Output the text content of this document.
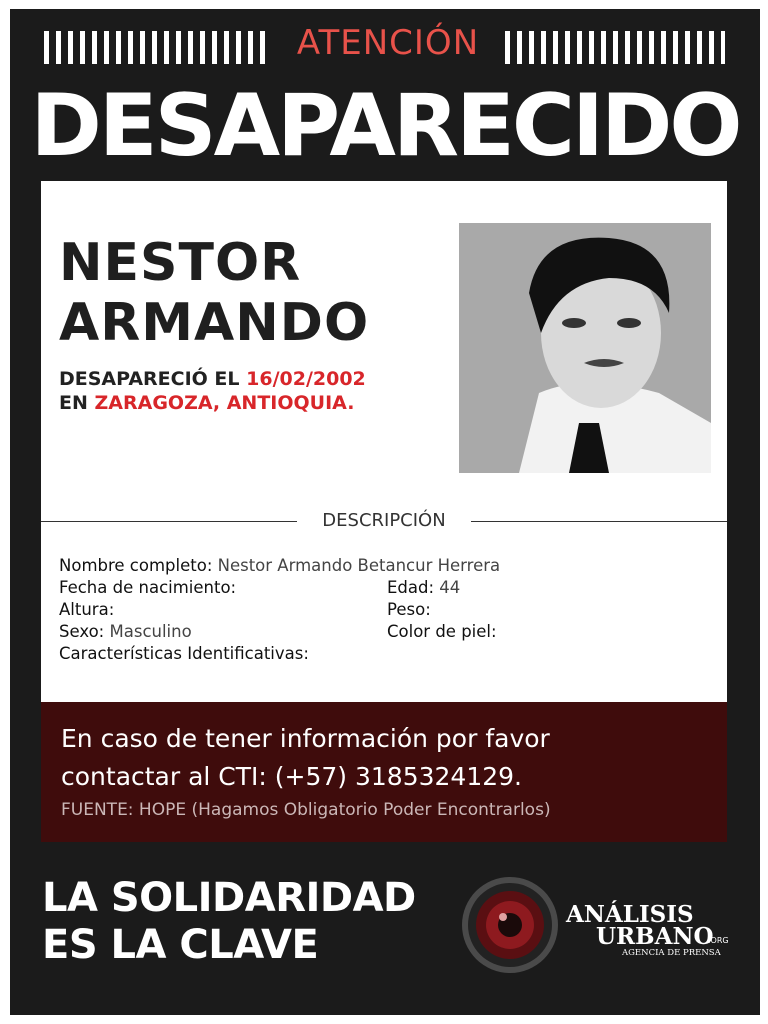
ATENCIÓN
DESAPARECIDO
NESTOR
ARMANDO
DESAPARECIÓ EL 16/02/2002
EN ZARAGOZA, ANTIOQUIA.
DESCRIPCIÓN
Nombre completo: Nestor Armando Betancur Herrera
Fecha de nacimiento:	Edad: 44
Altura:	Peso:
Sexo: Masculino	Color de piel:
Características Identificativas:
En caso de tener información por favor
contactar al CTI: (+57) 3185324129.
FUENTE: HOPE (Hagamos Obligatorio Poder Encontrarlos)
LA SOLIDARIDAD
ES LA CLAVE
ANÁLISIS
URBANO
.ORG
AGENCIA DE PRENSA
